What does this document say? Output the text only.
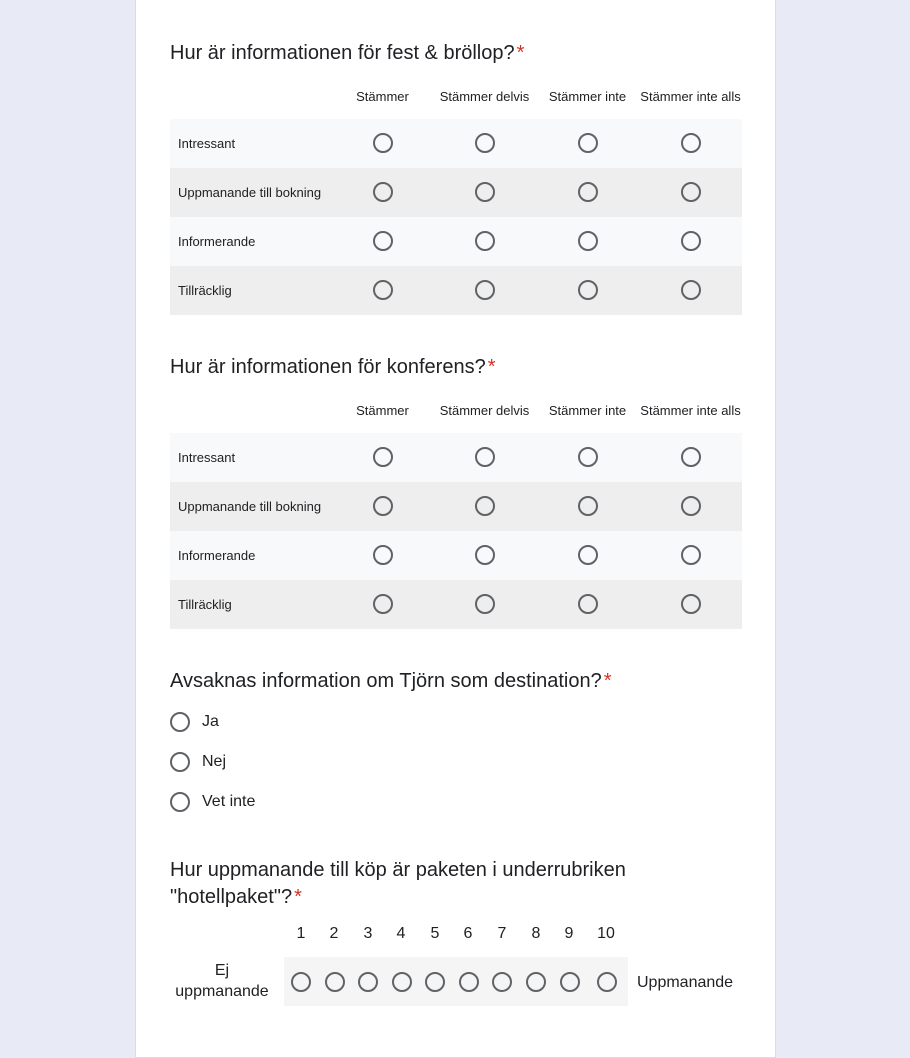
Hur är informationen för fest & bröllop? *
Stämmer	Stämmer delvis	Stämmer inte	Stämmer inte alls
Intressant
Uppmanande till bokning
Informerande
Tillräcklig
Hur är informationen för konferens? *
Stämmer	Stämmer delvis	Stämmer inte	Stämmer inte alls
Intressant
Uppmanande till bokning
Informerande
Tillräcklig
Avsaknas information om Tjörn som destination? *
Ja
Nej
Vet inte
Hur uppmanande till köp är paketen i underrubriken
"hotellpaket"? *
1	2	3	4	5	6	7	8	9	10
Ej uppmanande
Uppmanande
